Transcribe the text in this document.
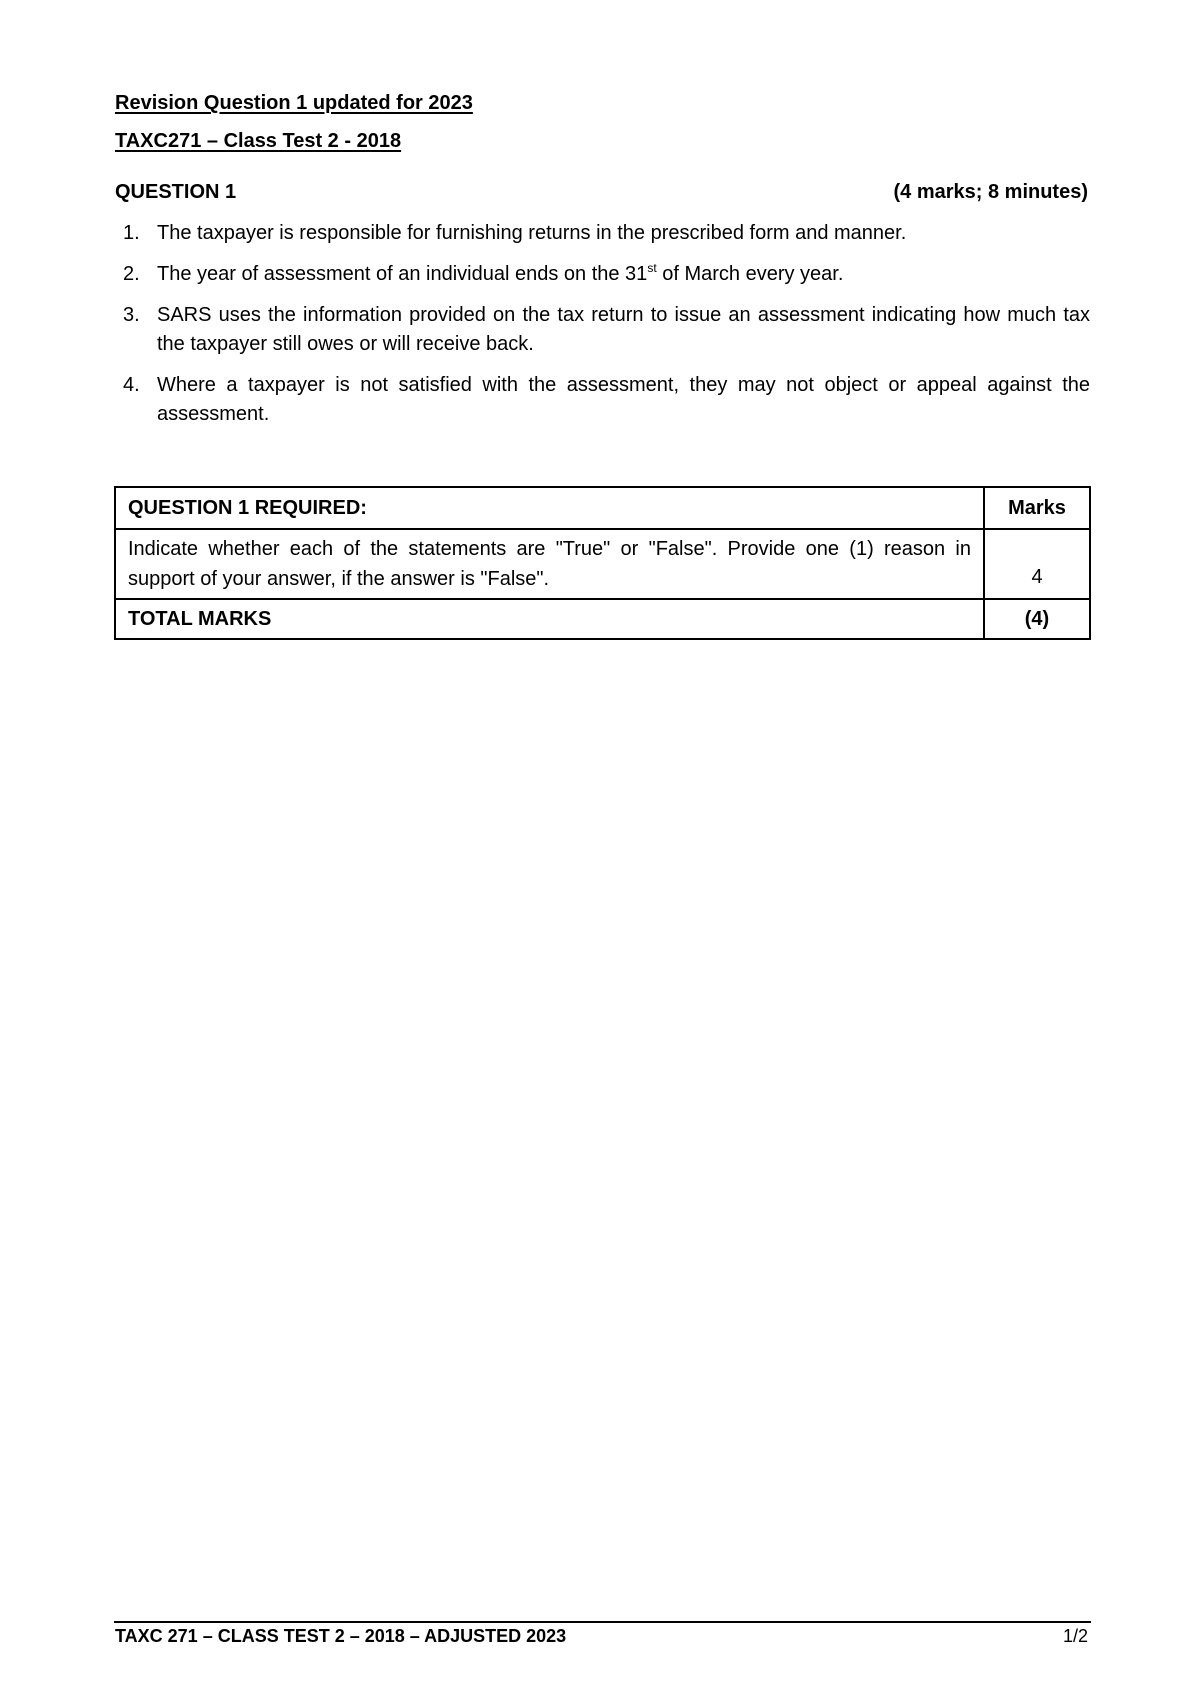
Revision Question 1 updated for 2023
TAXC271 – Class Test 2 - 2018
QUESTION 1	(4 marks; 8 minutes)
1. The taxpayer is responsible for furnishing returns in the prescribed form and manner.
2. The year of assessment of an individual ends on the 31st of March every year.
3. SARS uses the information provided on the tax return to issue an assessment indicating how much tax the taxpayer still owes or will receive back.
4. Where a taxpayer is not satisfied with the assessment, they may not object or appeal against the assessment.
QUESTION 1 REQUIRED:	Marks
Indicate whether each of the statements are "True" or "False". Provide one (1) reason in support of your answer, if the answer is "False".	4
TOTAL MARKS	(4)
TAXC 271 – CLASS TEST 2 – 2018 – ADJUSTED 2023	1/2
